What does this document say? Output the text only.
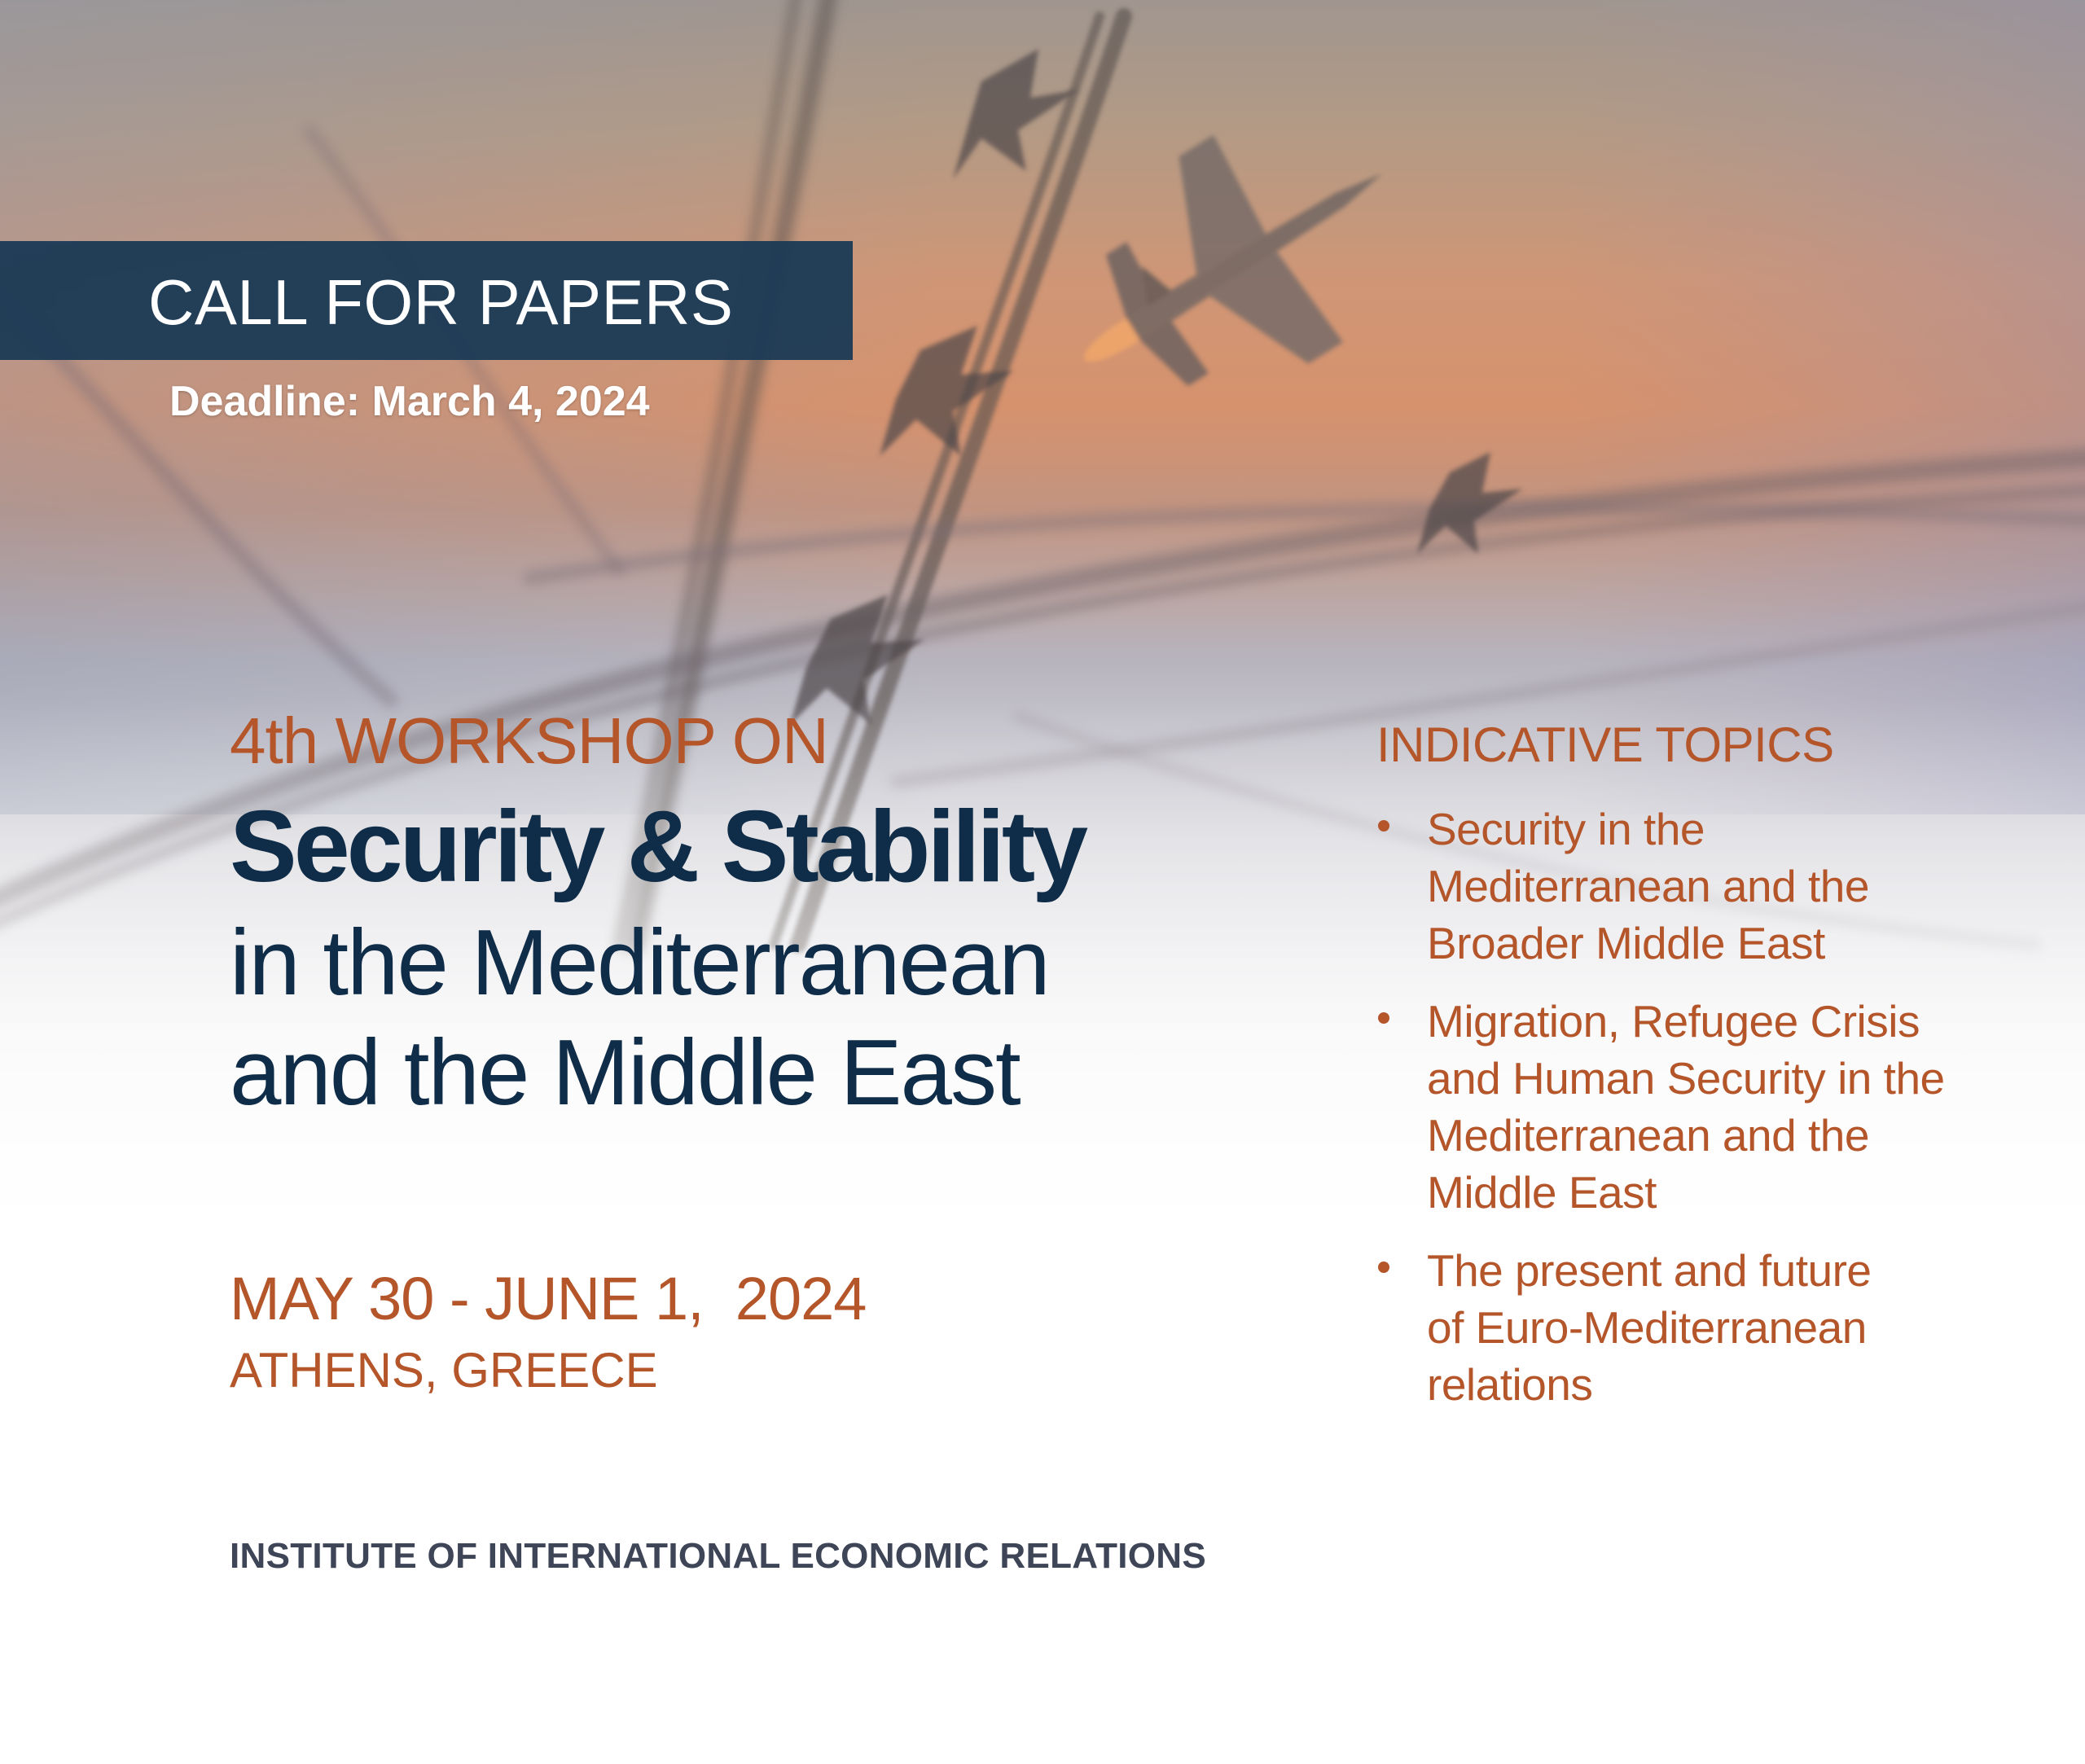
CALL FOR PAPERS
Deadline: March 4, 2024
4th WORKSHOP ON
Security & Stability
in the Mediterranean
and the Middle East
MAY 30 - JUNE 1,  2024
ATHENS, GREECE
INDICATIVE TOPICS
Security in the
Mediterranean and the
Broader Middle East
Migration, Refugee Crisis
and Human Security in the
Mediterranean and the
Middle East
The present and future
of Euro-Mediterranean
relations
INSTITUTE OF INTERNATIONAL ECONOMIC RELATIONS
